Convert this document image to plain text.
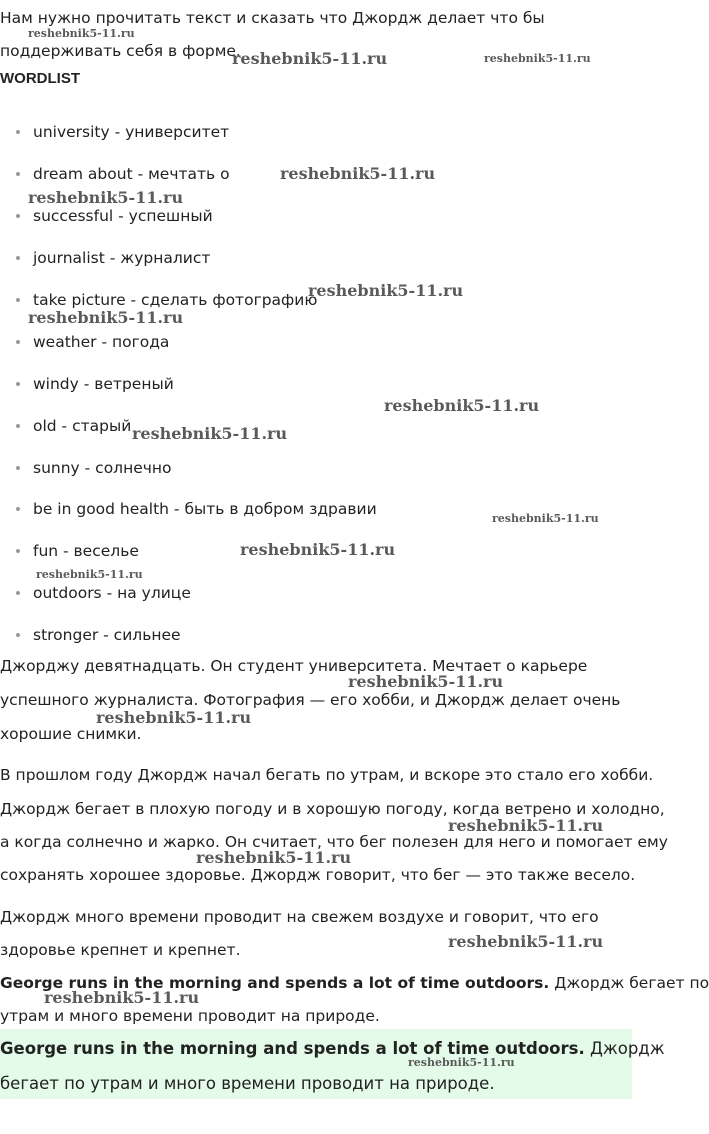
Нам нужно прочитать текст и сказать что Джордж делает что бы
поддерживать себя в форме.
WORDLIST
university - университет
dream about - мечтать о
successful - успешный
journalist - журналист
take picture - сделать фотографию
weather - погода
windy - ветреный
old - старый
sunny - солнечно
be in good health - быть в добром здравии
fun - веселье
outdoors - на улице
stronger - сильнее
Джорджу девятнадцать. Он студент университета. Мечтает о карьере
успешного журналиста. Фотография — его хобби, и Джордж делает очень
хорошие снимки.
В прошлом году Джордж начал бегать по утрам, и вскоре это стало его хобби.
Джордж бегает в плохую погоду и в хорошую погоду, когда ветрено и холодно,
а когда солнечно и жарко. Он считает, что бег полезен для него и помогает ему
сохранять хорошее здоровье. Джордж говорит, что бег — это также весело.
Джордж много времени проводит на свежем воздухе и говорит, что его
здоровье крепнет и крепнет.
George runs in the morning and spends a lot of time outdoors. Джордж бегает по
утрам и много времени проводит на природе.
George runs in the morning and spends a lot of time outdoors. Джордж
бегает по утрам и много времени проводит на природе.
reshebnik5-11.ru
reshebnik5-11.ru	reshebnik5-11.ru
reshebnik5-11.ru
reshebnik5-11.ru
reshebnik5-11.ru
reshebnik5-11.ru
reshebnik5-11.ru
reshebnik5-11.ru
reshebnik5-11.ru
reshebnik5-11.ru
reshebnik5-11.ru
reshebnik5-11.ru
reshebnik5-11.ru
reshebnik5-11.ru
reshebnik5-11.ru
reshebnik5-11.ru
reshebnik5-11.ru
reshebnik5-11.ru
